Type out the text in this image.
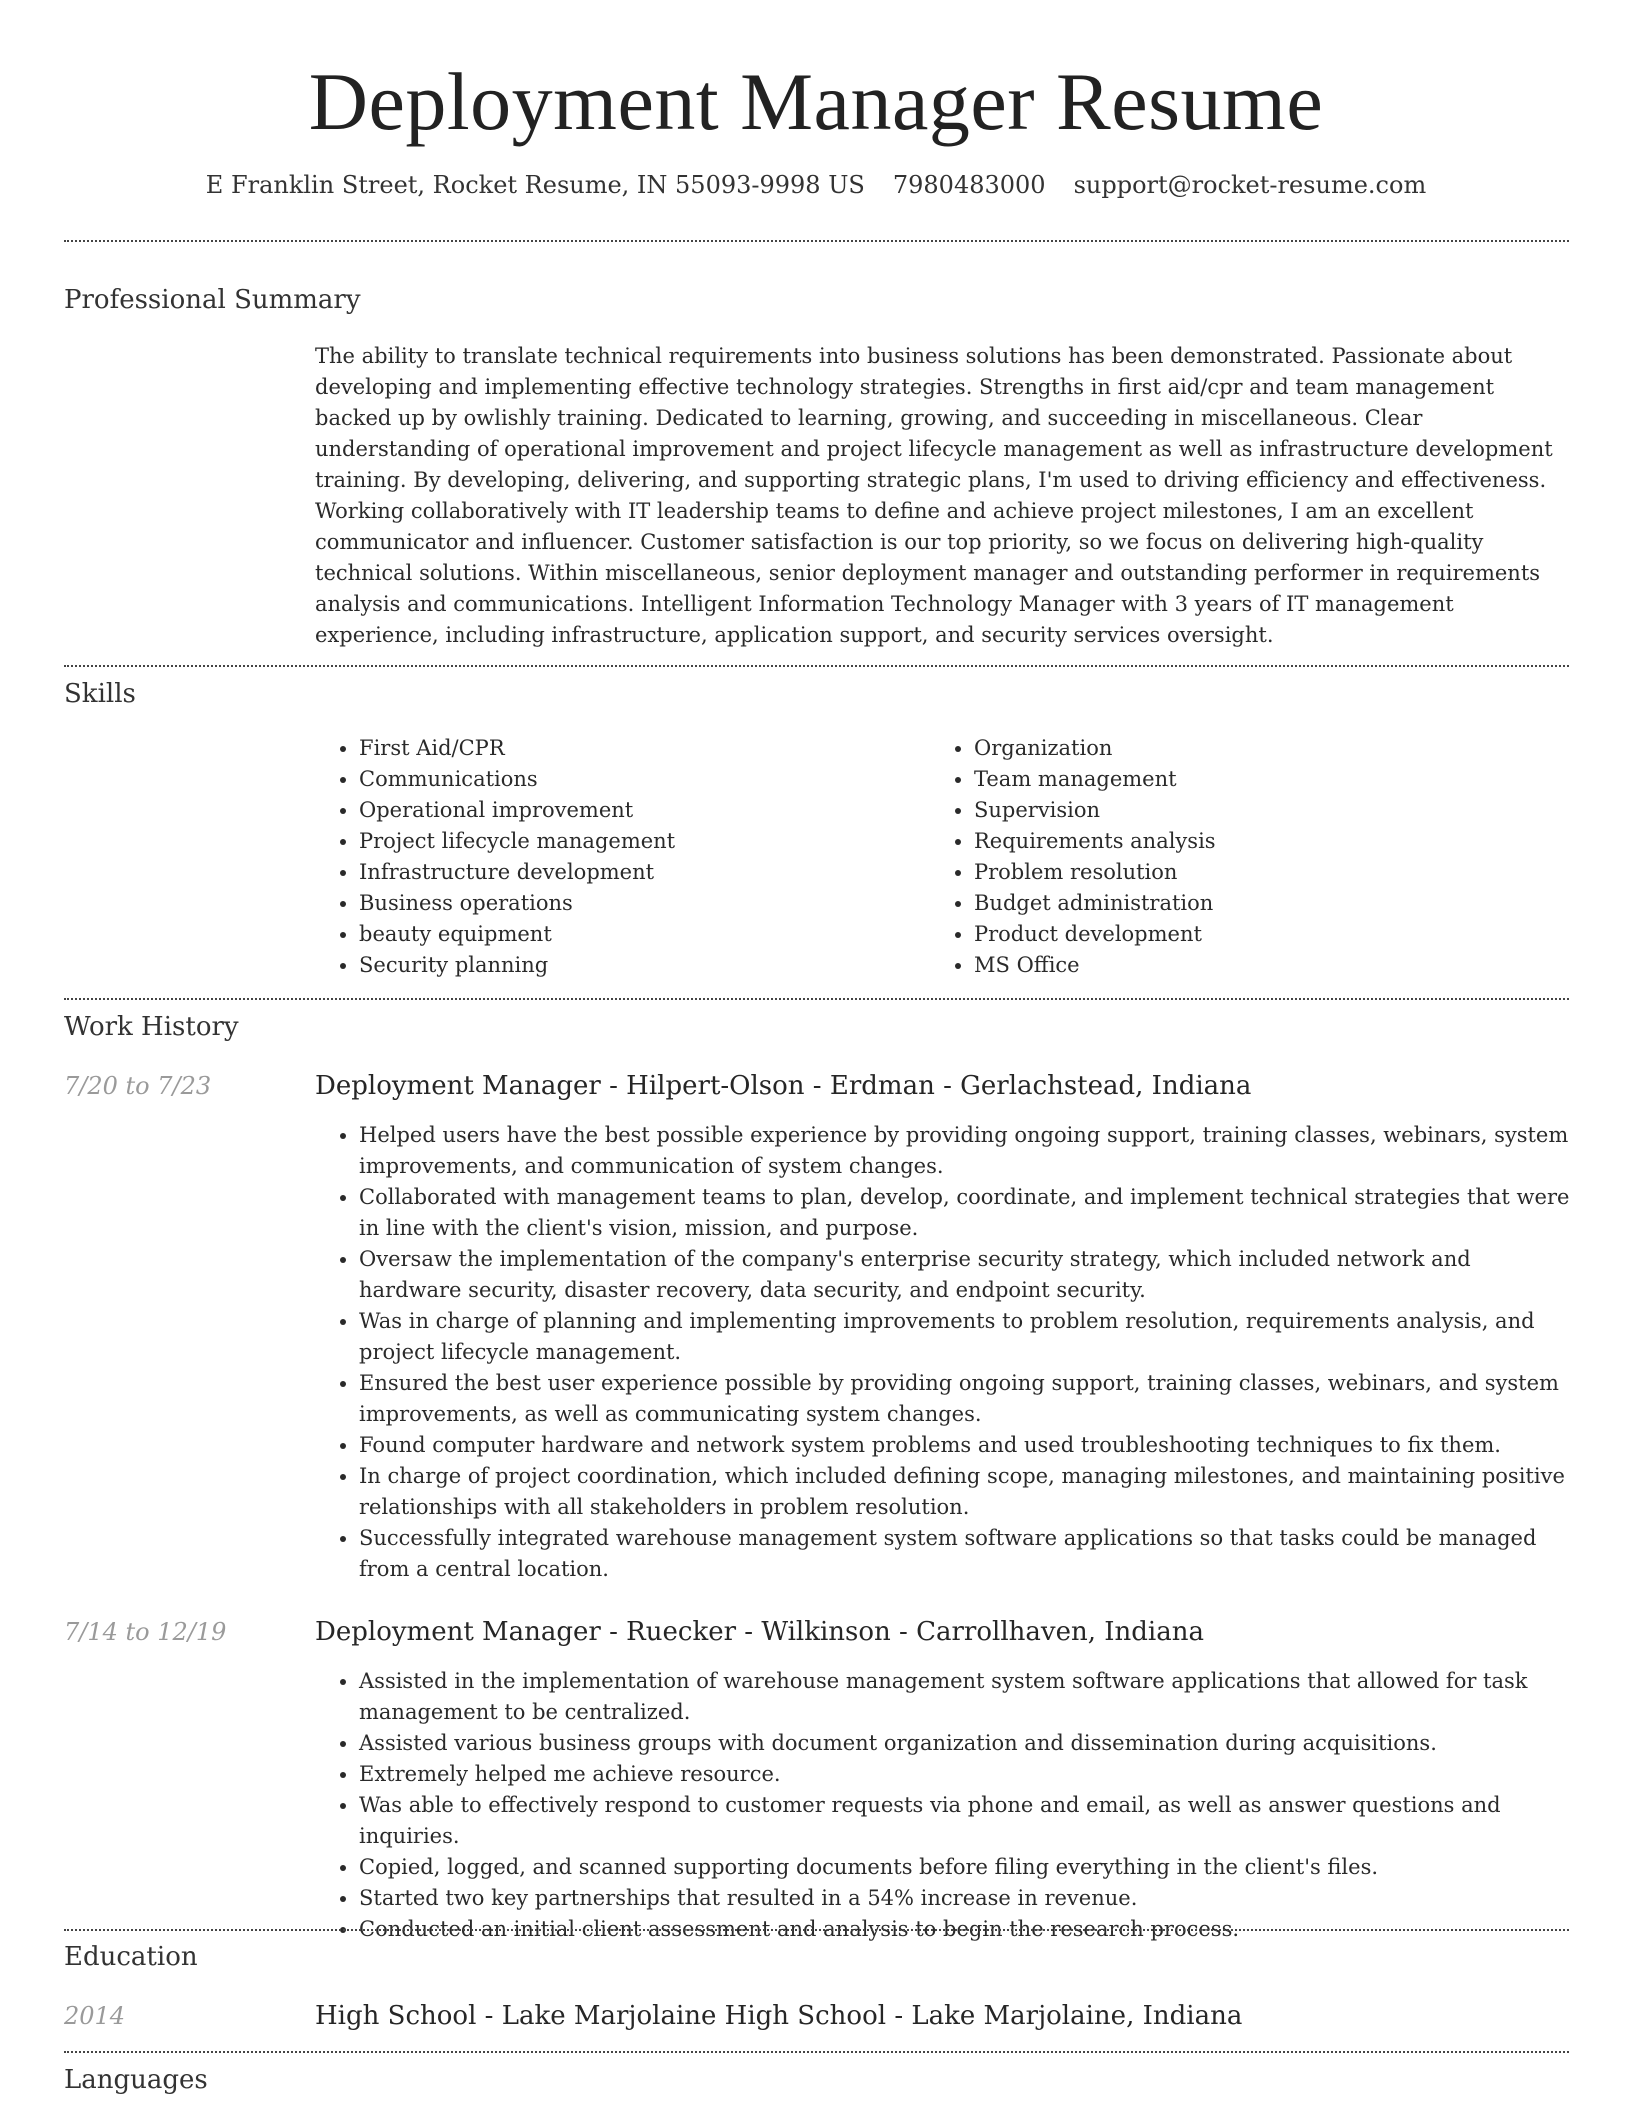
Deployment Manager Resume
E Franklin Street, Rocket Resume, IN 55093-9998 US 7980483000 support@rocket-resume.com
Professional Summary
The ability to translate technical requirements into business solutions has been demonstrated. Passionate about developing and implementing effective technology strategies. Strengths in first aid/cpr and team management backed up by owlishly training. Dedicated to learning, growing, and succeeding in miscellaneous. Clear understanding of operational improvement and project lifecycle management as well as infrastructure development training. By developing, delivering, and supporting strategic plans, I'm used to driving efficiency and effectiveness. Working collaboratively with IT leadership teams to define and achieve project milestones, I am an excellent communicator and influencer. Customer satisfaction is our top priority, so we focus on delivering high-quality technical solutions. Within miscellaneous, senior deployment manager and outstanding performer in requirements analysis and communications. Intelligent Information Technology Manager with 3 years of IT management experience, including infrastructure, application support, and security services oversight.
Skills
• First Aid/CPR
• Communications
• Operational improvement
• Project lifecycle management
• Infrastructure development
• Business operations
• beauty equipment
• Security planning
• Organization
• Team management
• Supervision
• Requirements analysis
• Problem resolution
• Budget administration
• Product development
• MS Office
Work History
7/20 to 7/23	Deployment Manager - Hilpert-Olson - Erdman - Gerlachstead, Indiana
• Helped users have the best possible experience by providing ongoing support, training classes, webinars, system improvements, and communication of system changes.
• Collaborated with management teams to plan, develop, coordinate, and implement technical strategies that were in line with the client's vision, mission, and purpose.
• Oversaw the implementation of the company's enterprise security strategy, which included network and hardware security, disaster recovery, data security, and endpoint security.
• Was in charge of planning and implementing improvements to problem resolution, requirements analysis, and project lifecycle management.
• Ensured the best user experience possible by providing ongoing support, training classes, webinars, and system improvements, as well as communicating system changes.
• Found computer hardware and network system problems and used troubleshooting techniques to fix them.
• In charge of project coordination, which included defining scope, managing milestones, and maintaining positive relationships with all stakeholders in problem resolution.
• Successfully integrated warehouse management system software applications so that tasks could be managed from a central location.
7/14 to 12/19	Deployment Manager - Ruecker - Wilkinson - Carrollhaven, Indiana
• Assisted in the implementation of warehouse management system software applications that allowed for task management to be centralized.
• Assisted various business groups with document organization and dissemination during acquisitions.
• Extremely helped me achieve resource.
• Was able to effectively respond to customer requests via phone and email, as well as answer questions and inquiries.
• Copied, logged, and scanned supporting documents before filing everything in the client's files.
• Started two key partnerships that resulted in a 54% increase in revenue.
• Conducted an initial client assessment and analysis to begin the research process.
Education
2014	High School - Lake Marjolaine High School - Lake Marjolaine, Indiana
Languages
